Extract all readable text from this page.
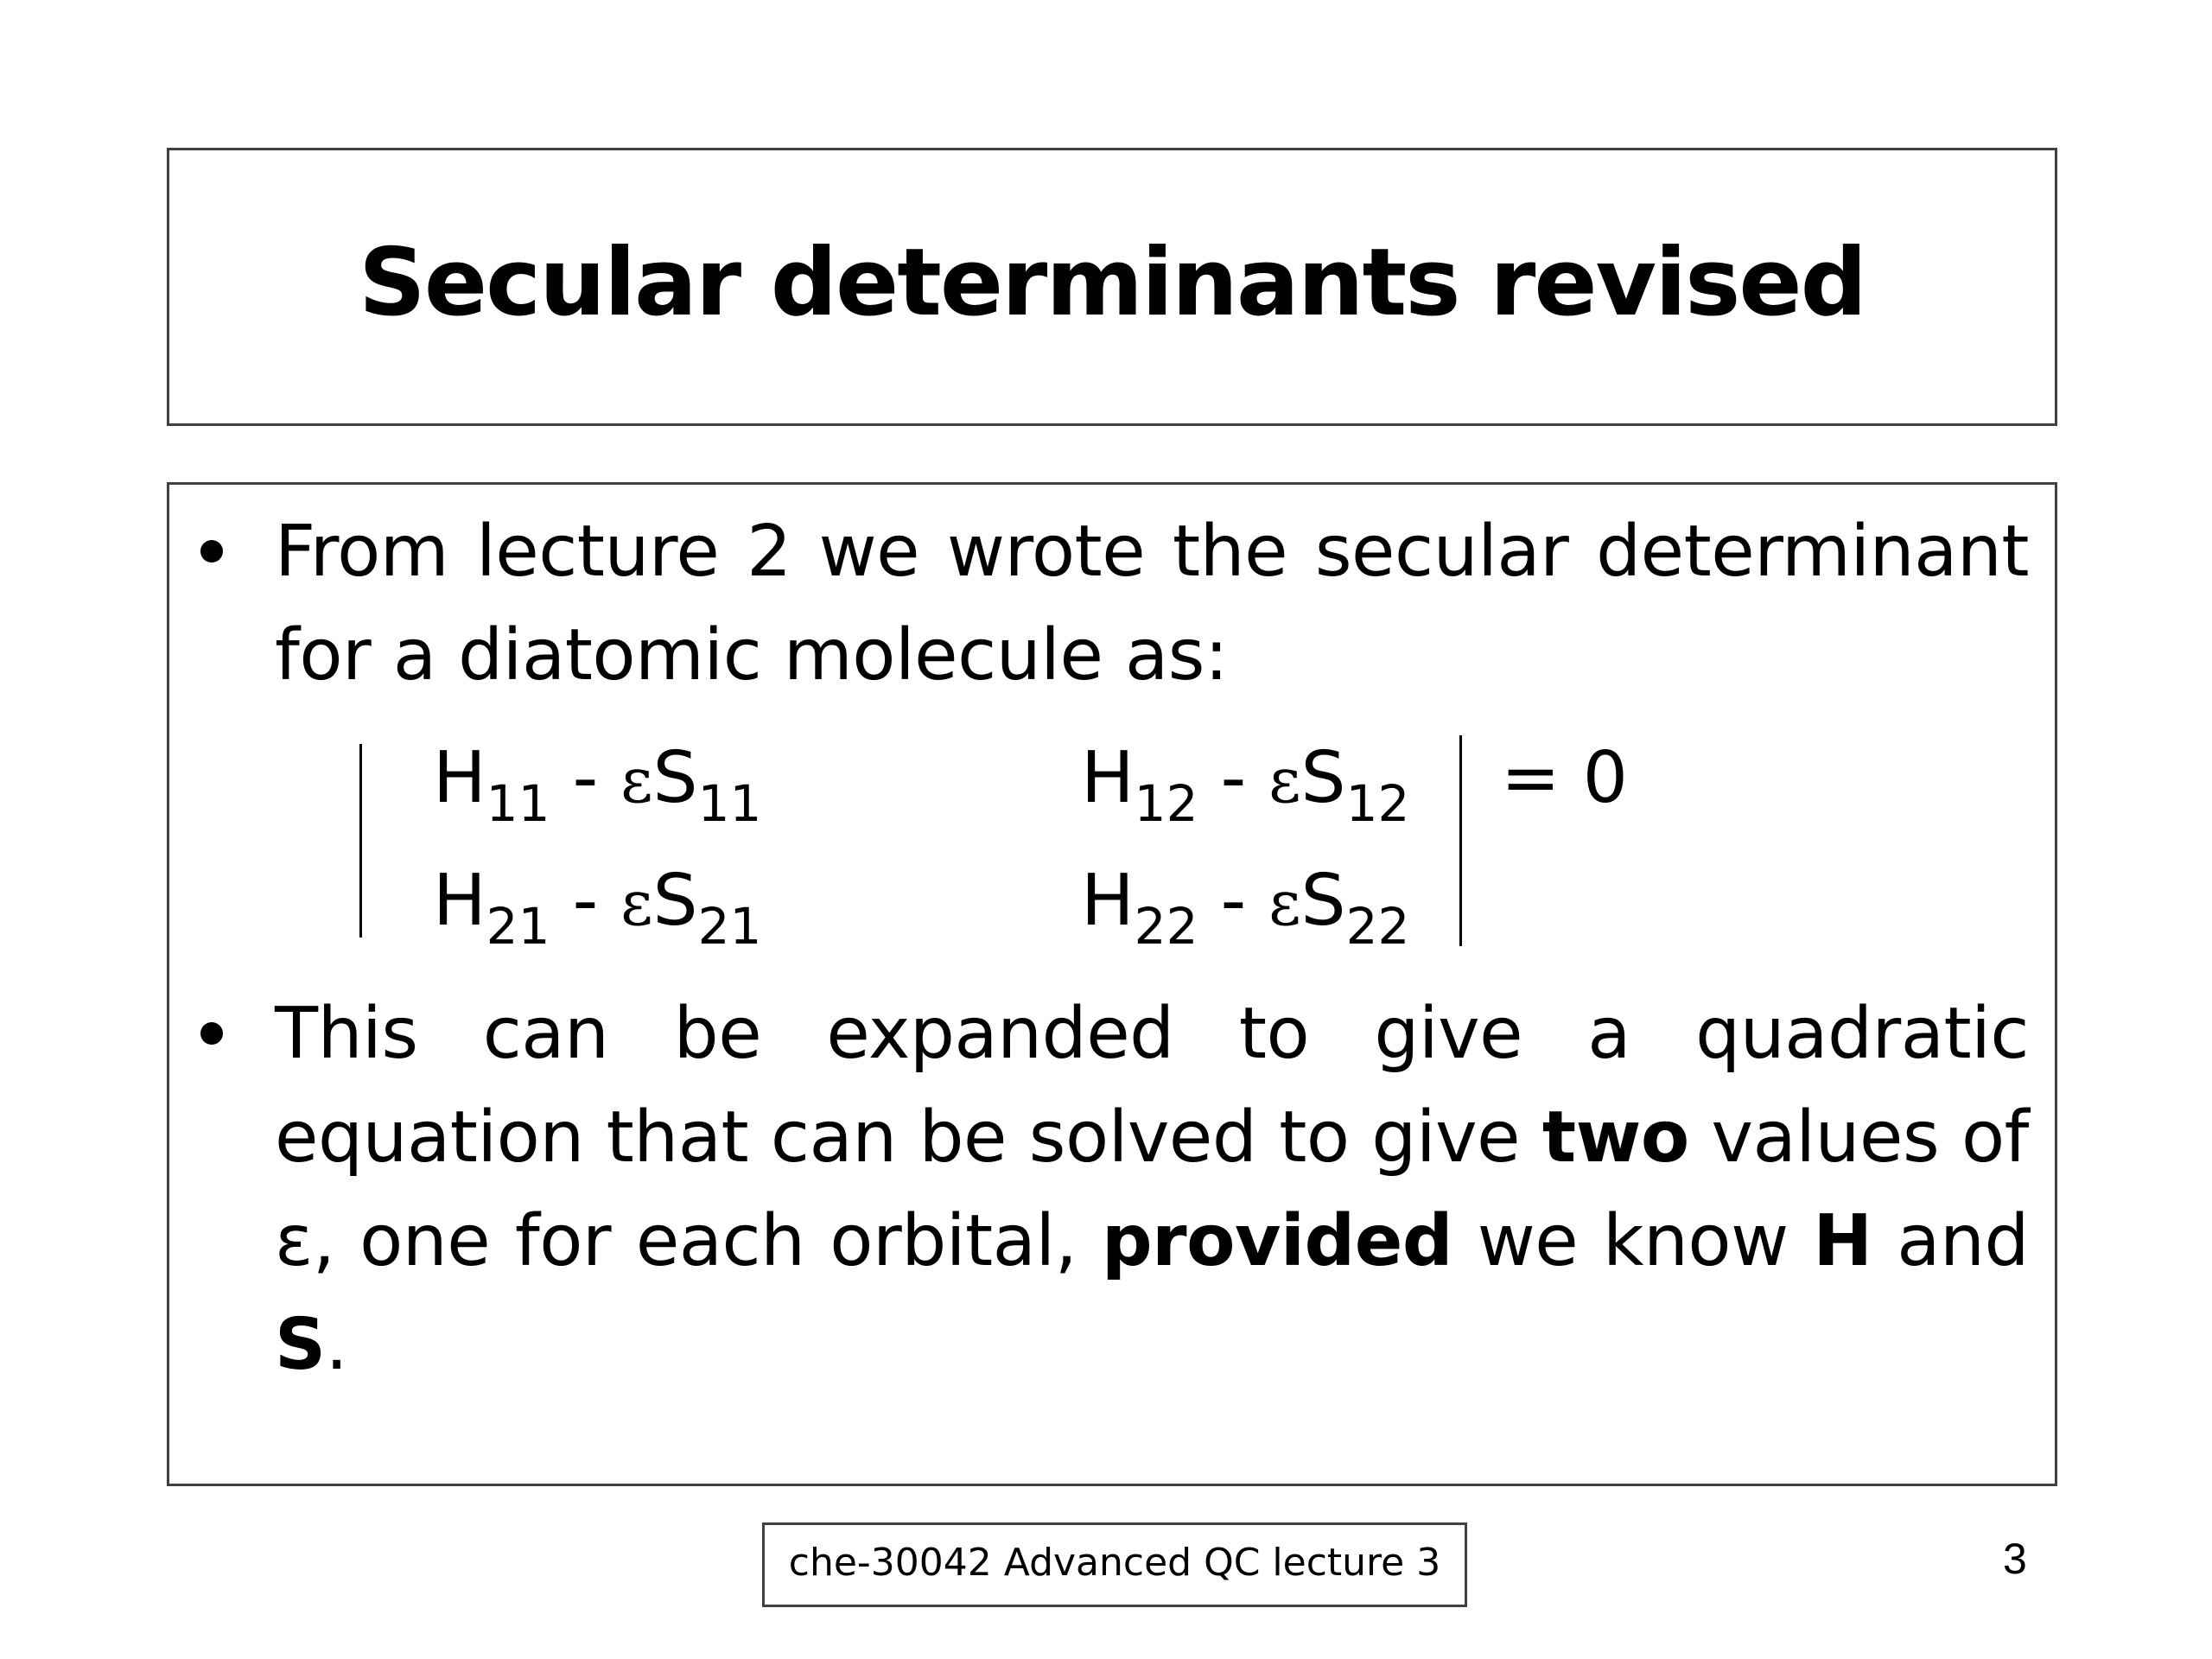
Secular determinants revised
From lecture 2 we wrote the secular determinant for a diatomic molecule as:
$H_{11} - \varepsilon S_{11}$	$H_{12} - \varepsilon S_{12}$
$H_{21} - \varepsilon S_{21}$	$H_{22} - \varepsilon S_{22}$
= 0
This can be expanded to give a quadratic equation that can be solved to give two values of ε, one for each orbital, provided we know H and S.
che-30042 Advanced QC lecture 3	3
